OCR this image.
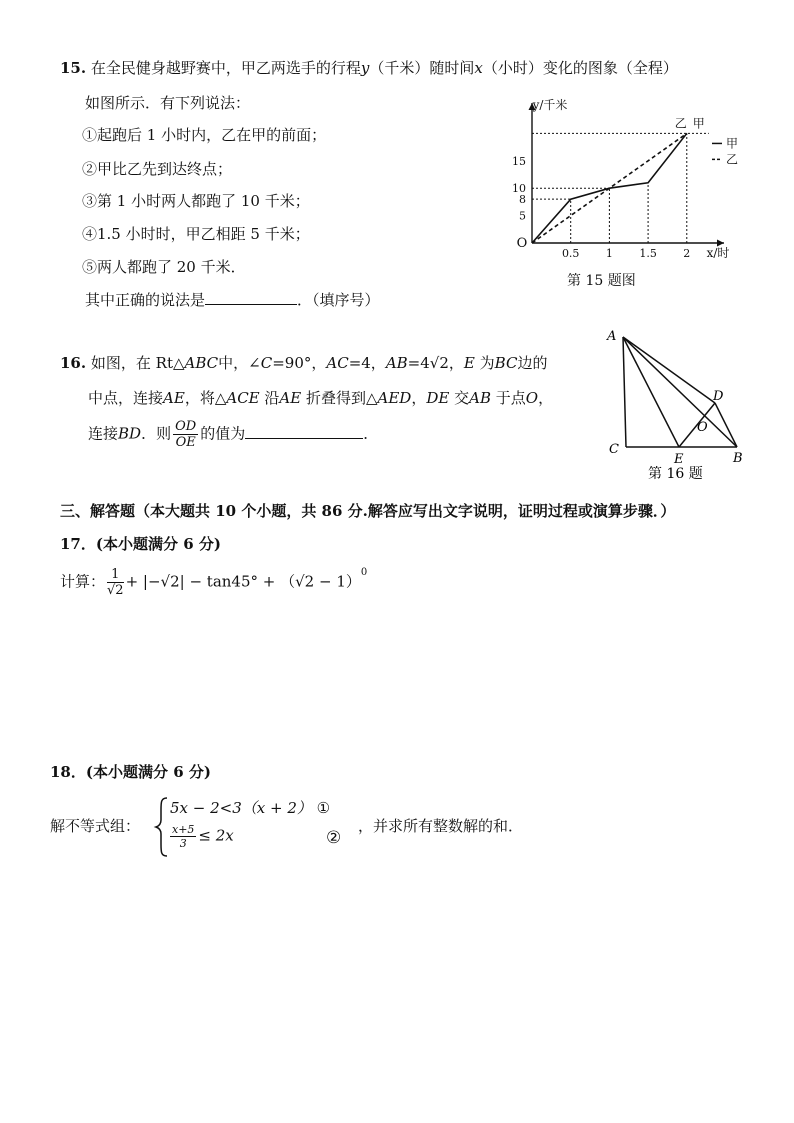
15. 在全民健身越野赛中，甲乙两选手的行程y（千米）随时间x（小时）变化的图象（全程）
如图所示．有下列说法：
①起跑后 1 小时内，乙在甲的前面；
②甲比乙先到达终点；
③第 1 小时两人都跑了 10 千米；
④1.5 小时时，甲乙相距 5 千米；
⑤两人都跑了 20 千米．
其中正确的说法是	．（填序号）
y/千米
x/时
O
0.5 1 1.5 2
5
8
10
15
乙 甲
甲
乙
第 15 题图
16. 如图，在 Rt△ABC中，∠C=90°，AC=4，AB=4√2，E 为BC边的
中点，连接AE，将△ACE 沿AE 折叠得到△AED，DE 交AB 于点O，
连接BD．则 $\frac{OD}{OE}$ 的值为	．
A
C
E	B
D
O
第 16 题
三、解答题（本大题共 10 个小题，共 86 分.解答应写出文字说明，证明过程或演算步骤．）
17．(本小题满分 6 分)
计算： $\frac{1}{√2} + |-√2| - \tan 45^\circ + (√2 - 1)^0$
18．(本小题满分 6 分)
解不等式组：
5x − 2<3（x + 2） ①
$\frac{x+5}{3} \le 2x$	②
，并求所有整数解的和．
